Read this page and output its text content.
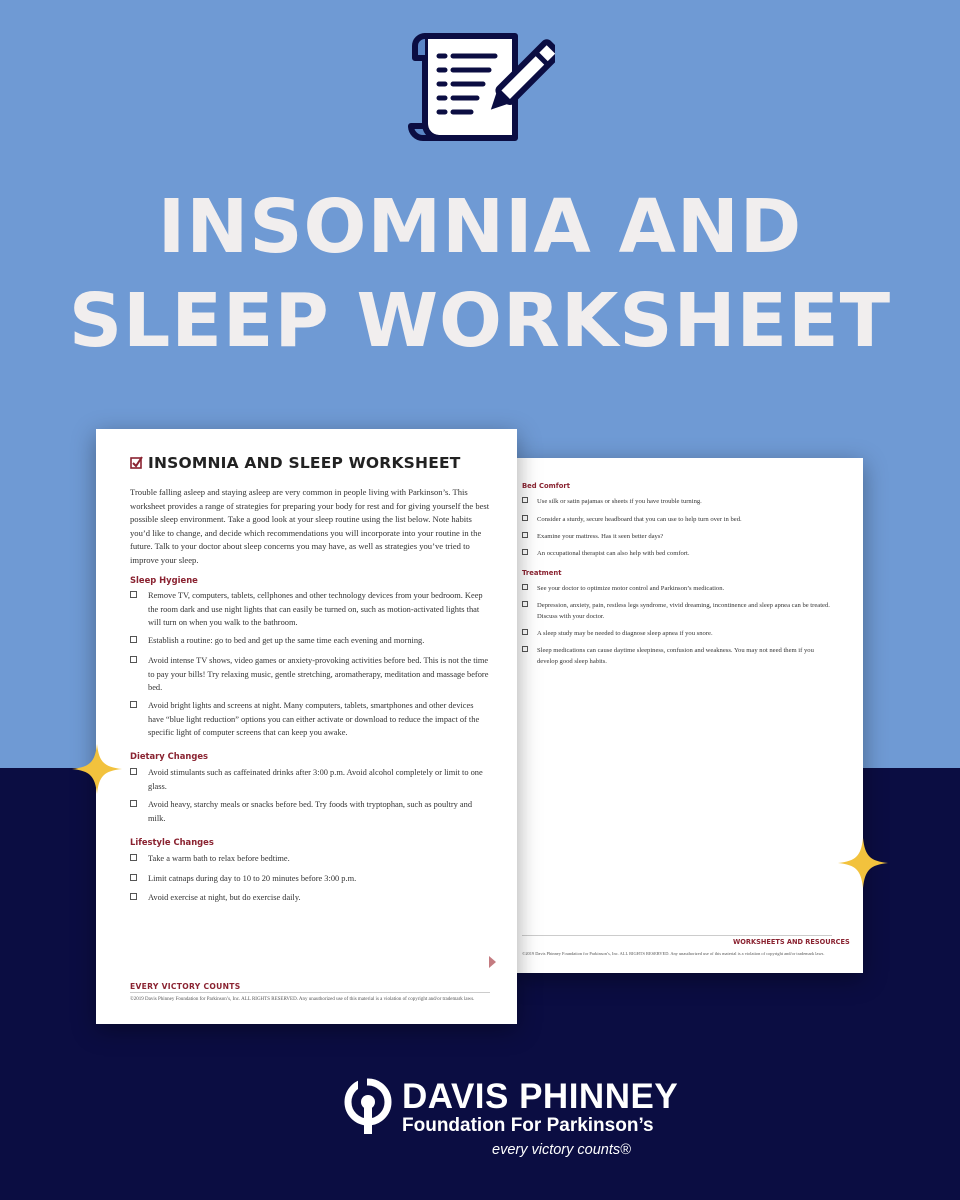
INSOMNIA AND
SLEEP WORKSHEET
Bed Comfort
Use silk or satin pajamas or sheets if you have trouble turning.
Consider a sturdy, secure headboard that you can use to help turn over in bed.
Examine your mattress. Has it seen better days?
An occupational therapist can also help with bed comfort.
Treatment
See your doctor to optimize motor control and Parkinson’s medication.
Depression, anxiety, pain, restless legs syndrome, vivid dreaming, incontinence and sleep apnea can be treated. Discuss with your doctor.
A sleep study may be needed to diagnose sleep apnea if you snore.
Sleep medications can cause daytime sleepiness, confusion and weakness. You may not need them if you develop good sleep habits.
WORKSHEETS AND RESOURCES
©2019 Davis Phinney Foundation for Parkinson’s, Inc. ALL RIGHTS RESERVED. Any unauthorized use of this material is a violation of copyright and/or trademark laws.
INSOMNIA AND SLEEP WORKSHEET
Trouble falling asleep and staying asleep are very common in people living with Parkinson’s. This worksheet provides a range of strategies for preparing your body for rest and for giving yourself the best possible sleep environment. Take a good look at your sleep routine using the list below. Note habits you’d like to change, and decide which recommendations you will incorporate into your routine in the future. Talk to your doctor about sleep concerns you may have, as well as strategies you’ve tried to improve your sleep.
Sleep Hygiene
Remove TV, computers, tablets, cellphones and other technology devices from your bedroom. Keep the room dark and use night lights that can easily be turned on, such as motion-activated lights that will turn on when you walk to the bathroom.
Establish a routine: go to bed and get up the same time each evening and morning.
Avoid intense TV shows, video games or anxiety-provoking activities before bed. This is not the time to pay your bills! Try relaxing music, gentle stretching, aromatherapy, meditation and massage before bed.
Avoid bright lights and screens at night. Many computers, tablets, smartphones and other devices have “blue light reduction” options you can either activate or download to reduce the impact of the specific light of computer screens that can keep you awake.
Dietary Changes
Avoid stimulants such as caffeinated drinks after 3:00 p.m. Avoid alcohol completely or limit to one glass.
Avoid heavy, starchy meals or snacks before bed. Try foods with tryptophan, such as poultry and milk.
Lifestyle Changes
Take a warm bath to relax before bedtime.
Limit catnaps during day to 10 to 20 minutes before 3:00 p.m.
Avoid exercise at night, but do exercise daily.
EVERY VICTORY COUNTS
©2019 Davis Phinney Foundation for Parkinson’s, Inc. ALL RIGHTS RESERVED. Any unauthorized use of this material is a violation of copyright and/or trademark laws.
DAVIS PHINNEY
Foundation For Parkinson’s
every victory counts®
